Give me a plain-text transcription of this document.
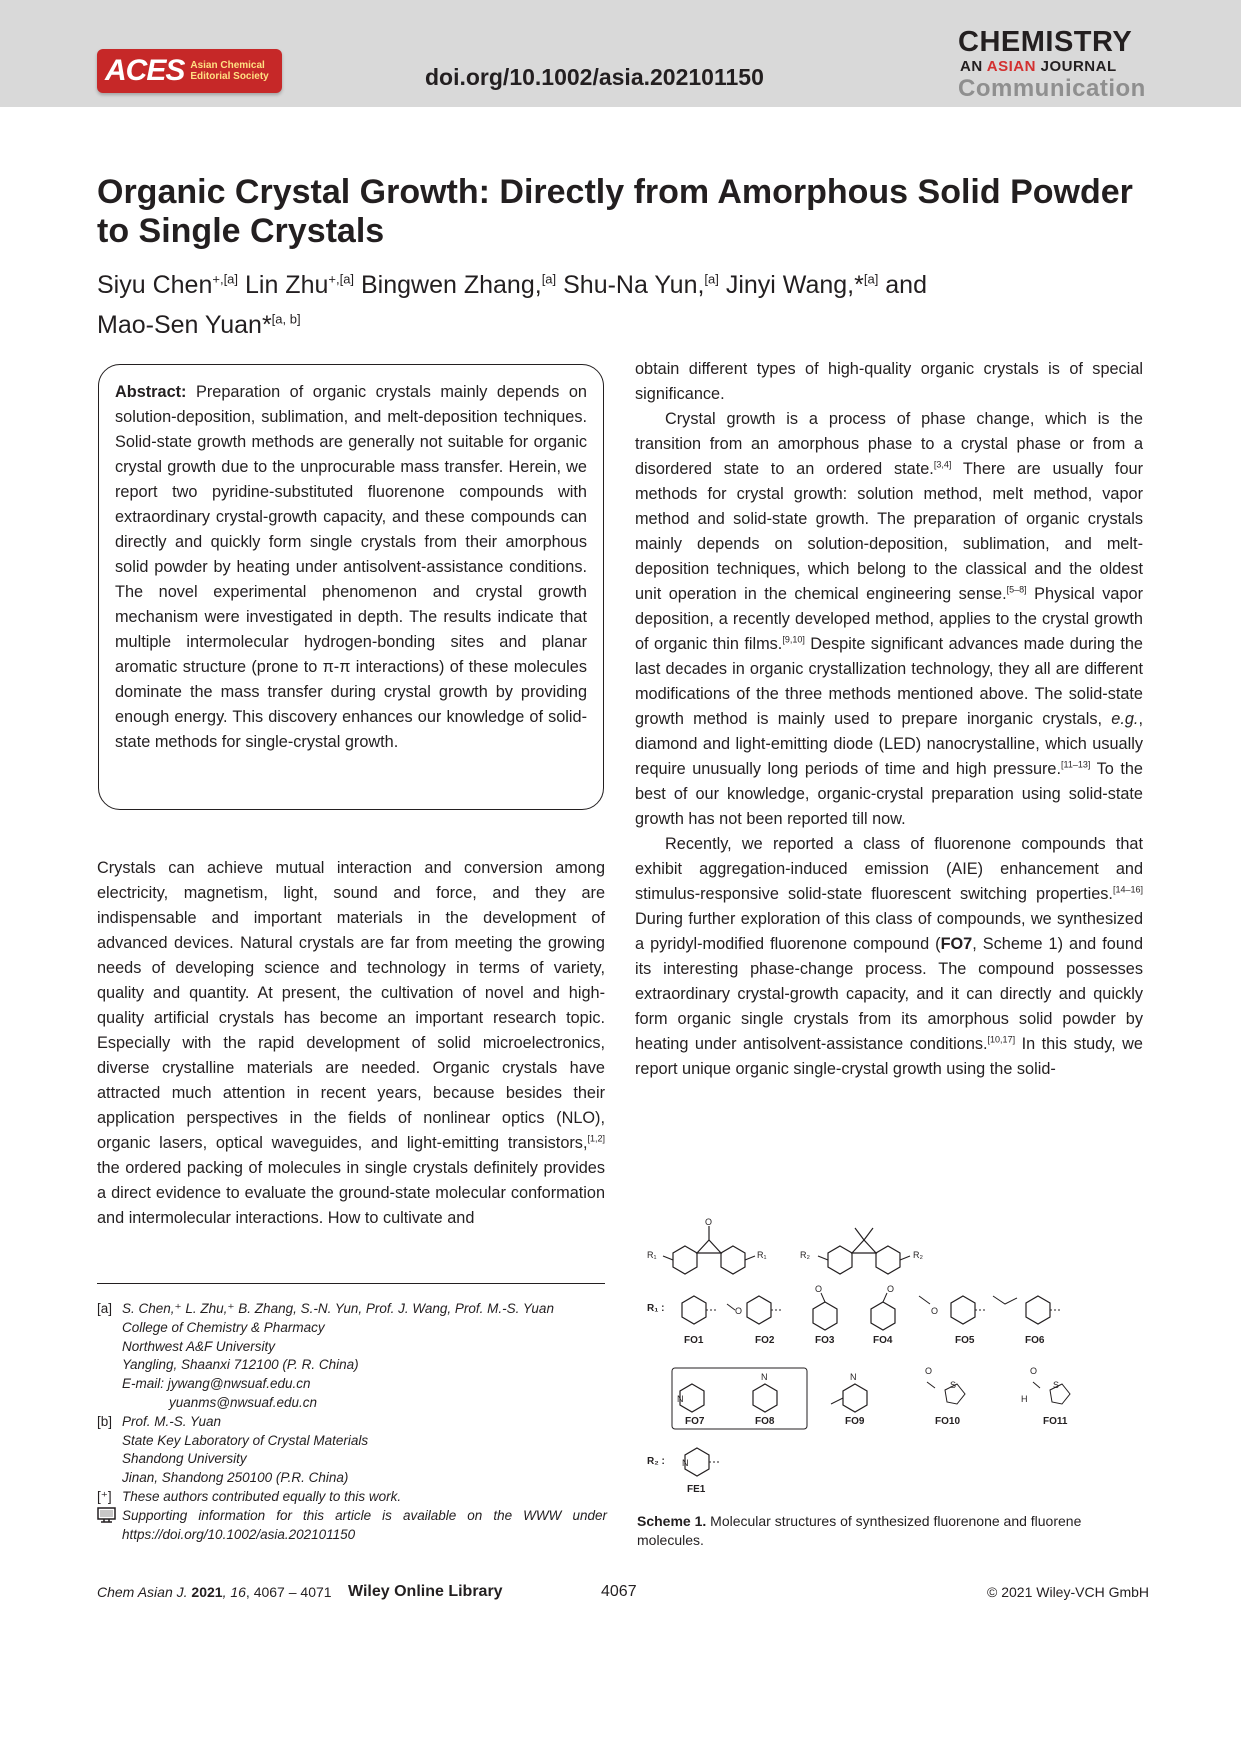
ACES Asian Chemical
Editorial Society	doi.org/10.1002/asia.202101150
CHEMISTRY
AN ASIAN JOURNAL
Communication
Organic Crystal Growth: Directly from Amorphous Solid Powder to Single Crystals
Siyu Chen$^{+,[a]}$ Lin Zhu$^{+,[a]}$ Bingwen Zhang,[a] Shu-Na Yun,[a] Jinyi Wang,*[a] and
Mao-Sen Yuan*[a, b]

Abstract: Preparation of organic crystals mainly depends on solution-deposition, sublimation, and melt-deposition techniques. Solid-state growth methods are generally not suitable for organic crystal growth due to the unprocurable mass transfer. Herein, we report two pyridine-substituted fluorenone compounds with extraordinary crystal-growth capacity, and these compounds can directly and quickly form single crystals from their amorphous solid powder by heating under antisolvent-assistance conditions. The novel experimental phenomenon and crystal growth mechanism were investigated in depth. The results indicate that multiple intermolecular hydrogen-bonding sites and planar aromatic structure (prone to π-π interactions) of these molecules dominate the mass transfer during crystal growth by providing enough energy. This discovery enhances our knowledge of solid-state methods for single-crystal growth.

Crystals can achieve mutual interaction and conversion among electricity, magnetism, light, sound and force, and they are indispensable and important materials in the development of advanced devices. Natural crystals are far from meeting the growing needs of developing science and technology in terms of variety, quality and quantity. At present, the cultivation of novel and high-quality artificial crystals has become an important research topic. Especially with the rapid development of solid microelectronics, diverse crystalline materials are needed. Organic crystals have attracted much attention in recent years, because besides their application perspectives in the fields of nonlinear optics (NLO), organic lasers, optical waveguides, and light-emitting transistors,[1,2] the ordered packing of molecules in single crystals definitely provides a direct evidence to evaluate the ground-state molecular conformation and intermolecular interactions. How to cultivate and

obtain different types of high-quality organic crystals is of special significance.

Crystal growth is a process of phase change, which is the transition from an amorphous phase to a crystal phase or from a disordered state to an ordered state.[3,4] There are usually four methods for crystal growth: solution method, melt method, vapor method and solid-state growth. The preparation of organic crystals mainly depends on solution-deposition, sublimation, and melt-deposition techniques, which belong to the classical and the oldest unit operation in the chemical engineering sense.[5–8] Physical vapor deposition, a recently developed method, applies to the crystal growth of organic thin films.[9,10] Despite significant advances made during the last decades in organic crystallization technology, they all are different modifications of the three methods mentioned above. The solid-state growth method is mainly used to prepare inorganic crystals, e.g., diamond and light-emitting diode (LED) nanocrystalline, which usually require unusually long periods of time and high pressure.[11–13] To the best of our knowledge, organic-crystal preparation using solid-state growth has not been reported till now.

Recently, we reported a class of fluorenone compounds that exhibit aggregation-induced emission (AIE) enhancement and stimulus-responsive solid-state fluorescent switching properties.[14–16] During further exploration of this class of compounds, we synthesized a pyridyl-modified fluorenone compound (FO7, Scheme 1) and found its interesting phase-change process. The compound possesses extraordinary crystal-growth capacity, and it can directly and quickly form organic single crystals from its amorphous solid powder by heating under antisolvent-assistance conditions.[10,17] In this study, we report unique organic single-crystal growth using the solid-

[a] S. Chen,⁺ L. Zhu,⁺ B. Zhang, S.-N. Yun, Prof. J. Wang, Prof. M.-S. Yuan
College of Chemistry & Pharmacy
Northwest A&F University
Yangling, Shaanxi 712100 (P. R. China)
E-mail: jywang@nwsuaf.edu.cn
yuanms@nwsuaf.edu.cn
[b] Prof. M.-S. Yuan
State Key Laboratory of Crystal Materials
Shandong University
Jinan, Shandong 250100 (P.R. China)
[⁺] These authors contributed equally to this work.
Supporting information for this article is available on the WWW under https://doi.org/10.1002/asia.202101150
O
R₁	R₁	R₂	R₂
R₁ :
FO1
O
FO2
O
FO3
O
FO4
O
FO5	FO6
N
FO7
N
FO8
N
FO9
S
O
FO10
S
O
H
FO11
R₂ : N
FE1
Scheme 1. Molecular structures of synthesized fluorenone and fluorene molecules.
Chem Asian J. 2021, 16, 4067 – 4071 Wiley Online Library	4067	© 2021 Wiley-VCH GmbH
